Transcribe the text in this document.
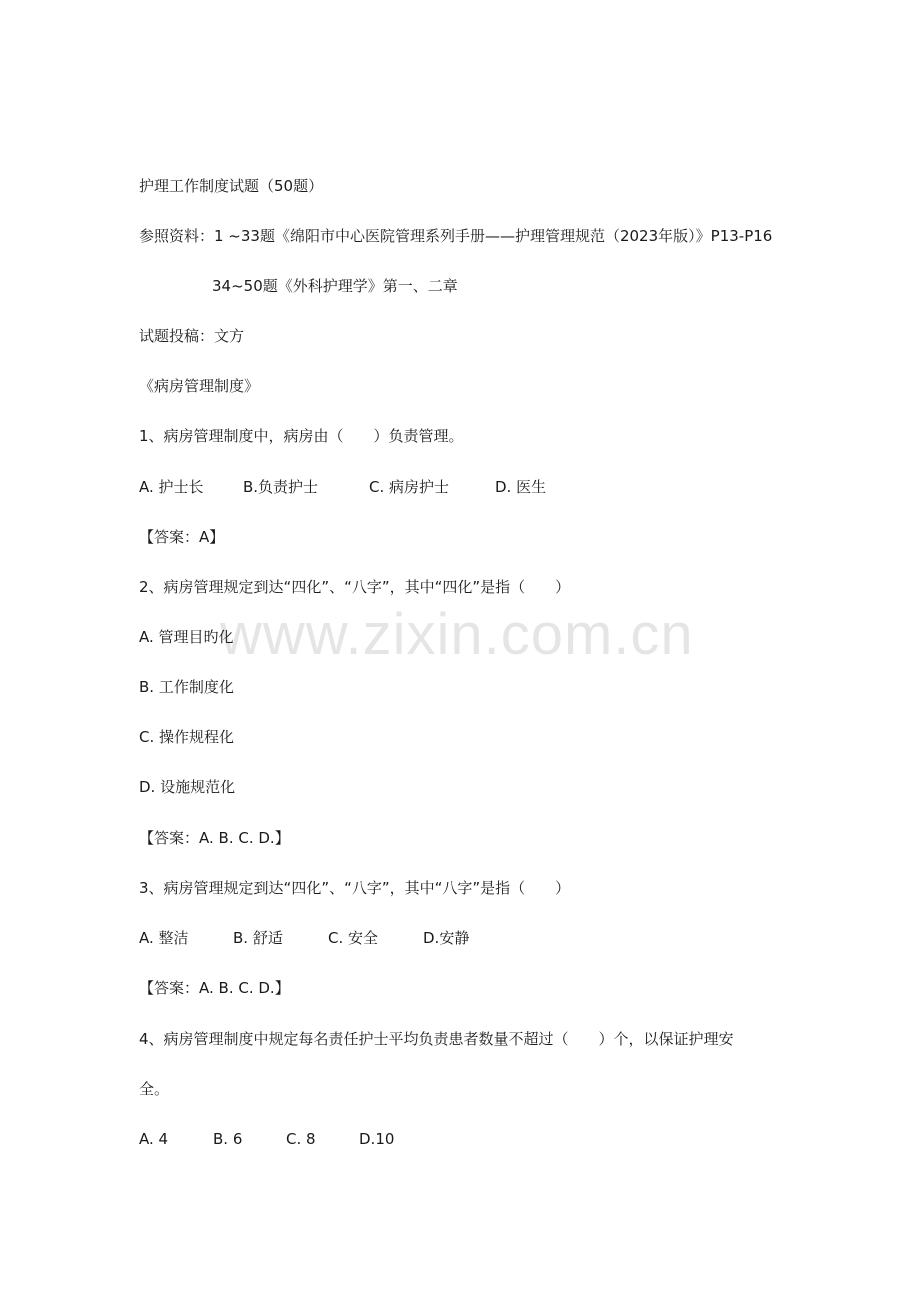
www.zixin.com.cn
护理工作制度试题（50题）
参照资料：1 ~33题《绵阳市中心医院管理系列手册——护理管理规范（2023年版）》P13-P16
34~50题《外科护理学》第一、二章
试题投稿：文方
《病房管理制度》
1、病房管理制度中，病房由（　　）负责管理。
A. 护士长	B.负责护士	C. 病房护士	D. 医生
【答案：A】
2、病房管理规定到达“四化”、“八字”，其中“四化”是指（　　）
A. 管理目旳化
B. 工作制度化
C. 操作规程化
D. 设施规范化
【答案：A. B. C. D.】
3、病房管理规定到达“四化”、“八字”，其中“八字”是指（　　）
A. 整洁	B. 舒适	C. 安全	D.安静
【答案：A. B. C. D.】
4、病房管理制度中规定每名责任护士平均负责患者数量不超过（　　）个，以保证护理安
全。
A. 4	B. 6	C. 8	D.10
